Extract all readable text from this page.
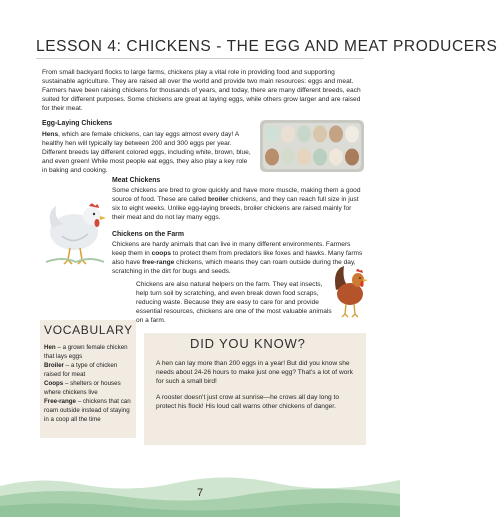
LESSON 4: CHICKENS - THE EGG AND MEAT PRODUCERS

From small backyard flocks to large farms, chickens play a vital role in providing food and supporting sustainable agriculture. They are raised all over the world and provide two main resources: eggs and meat. Farmers have been raising chickens for thousands of years, and today, there are many different breeds, each suited for different purposes. Some chickens are great at laying eggs, while others grow larger and are raised for their meat.

Egg-Laying Chickens

Hens, which are female chickens, can lay eggs almost every day! A healthy hen will typically lay between 200 and 300 eggs per year. Different breeds lay different colored eggs, including white, brown, blue, and even green! While most people eat eggs, they also play a key role in baking and cooking.

Meat Chickens

Some chickens are bred to grow quickly and have more muscle, making them a good source of food. These are called broiler chickens, and they can reach full size in just six to eight weeks. Unlike egg-laying breeds, broiler chickens are raised mainly for their meat and do not lay many eggs.

Chickens on the Farm

Chickens are hardy animals that can live in many different environments. Farmers keep them in coops to protect them from predators like foxes and hawks. Many farms also have free-range chickens, which means they can roam outside during the day, scratching in the dirt for bugs and seeds.

Chickens are also natural helpers on the farm. They eat insects, help turn soil by scratching, and even break down food scraps, reducing waste. Because they are easy to care for and provide essential resources, chickens are one of the most valuable animals on a farm.

VOCABULARY
Hen – a grown female chicken that lays eggs
Broiler – a type of chicken raised for meat
Coops – shelters or houses where chickens live
Free-range – chickens that can roam outside instead of staying in a coop all the time
DID YOU KNOW?

A hen can lay more than 200 eggs in a year! But did you know she needs about 24-26 hours to make just one egg? That's a lot of work for such a small bird!

A rooster doesn't just crow at sunrise—he crows all day long to protect his flock! His loud call warns other chickens of danger.

7
